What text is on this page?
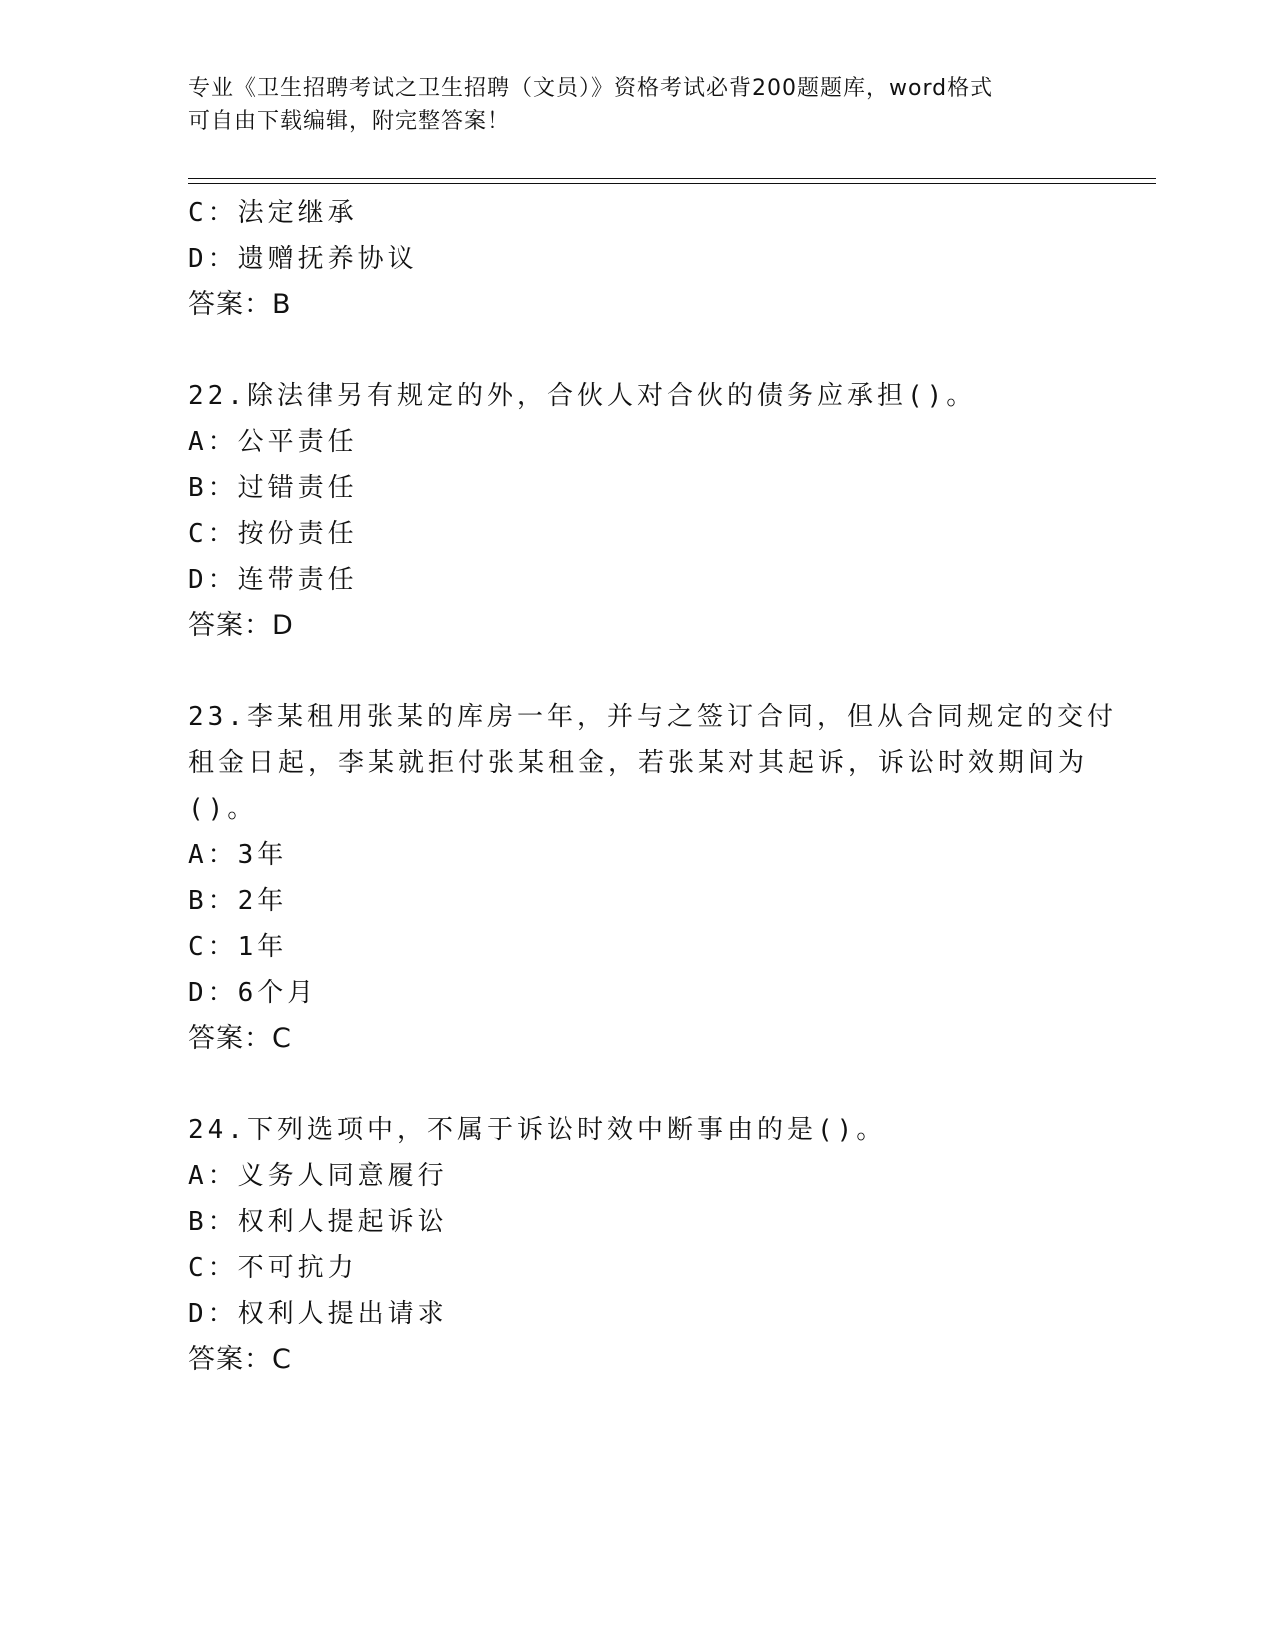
专业《卫生招聘考试之卫生招聘（文员）》资格考试必背200题题库，word格式
可自由下载编辑，附完整答案！
C：法定继承
D：遗赠抚养协议
答案：B
22.除法律另有规定的外，合伙人对合伙的债务应承担()。
A：公平责任
B：过错责任
C：按份责任
D：连带责任
答案：D
23.李某租用张某的库房一年，并与之签订合同，但从合同规定的交付
租金日起，李某就拒付张某租金，若张某对其起诉，诉讼时效期间为
()。
A：3年
B：2年
C：1年
D：6个月
答案：C
24.下列选项中，不属于诉讼时效中断事由的是()。
A：义务人同意履行
B：权利人提起诉讼
C：不可抗力
D：权利人提出请求
答案：C
